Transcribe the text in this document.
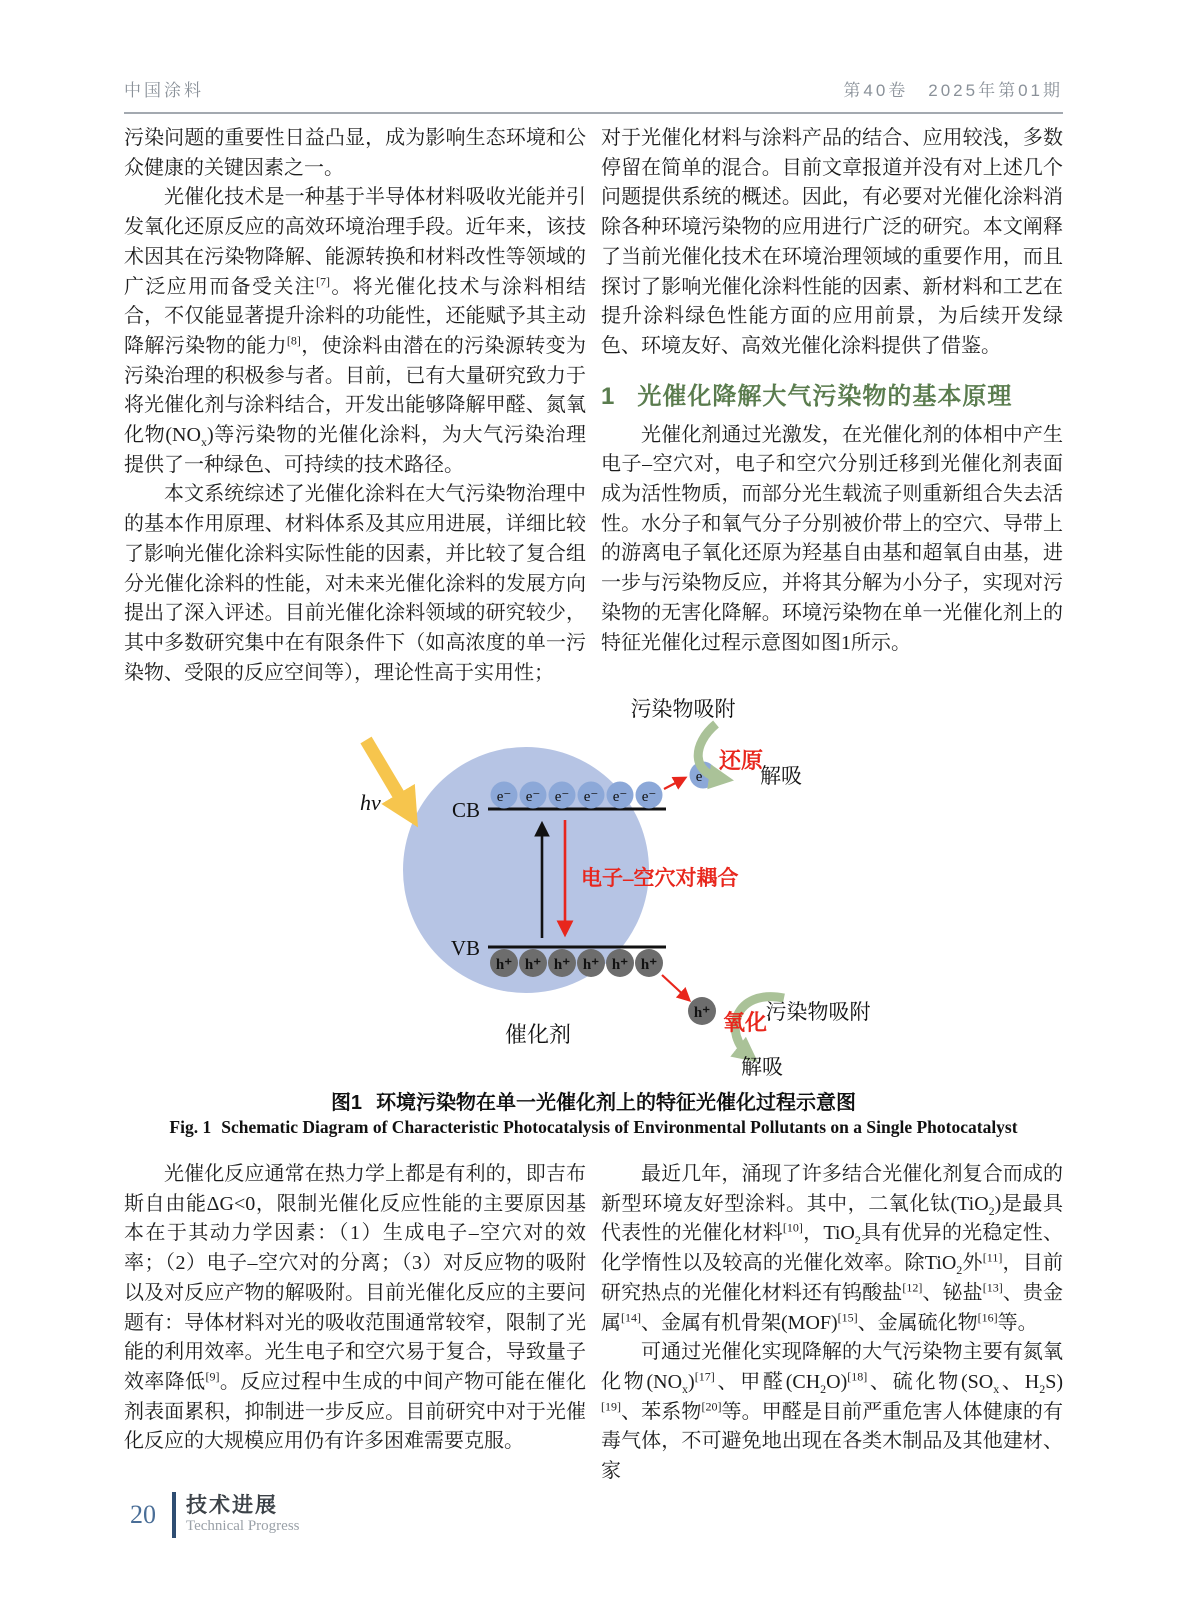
中国涂料	第40卷　2025年第01期

污染问题的重要性日益凸显，成为影响生态环境和公众健康的关键因素之一。

光催化技术是一种基于半导体材料吸收光能并引发氧化还原反应的高效环境治理手段。近年来，该技术因其在污染物降解、能源转换和材料改性等领域的广泛应用而备受关注[7]。将光催化技术与涂料相结合，不仅能显著提升涂料的功能性，还能赋予其主动降解污染物的能力[8]，使涂料由潜在的污染源转变为污染治理的积极参与者。目前，已有大量研究致力于将光催化剂与涂料结合，开发出能够降解甲醛、氮氧化物$(NO_x)$等污染物的光催化涂料，为大气污染治理提供了一种绿色、可持续的技术路径。

本文系统综述了光催化涂料在大气污染物治理中的基本作用原理、材料体系及其应用进展，详细比较了影响光催化涂料实际性能的因素，并比较了复合组分光催化涂料的性能，对未来光催化涂料的发展方向提出了深入评述。目前光催化涂料领域的研究较少，其中多数研究集中在有限条件下（如高浓度的单一污染物、受限的反应空间等），理论性高于实用性；

对于光催化材料与涂料产品的结合、应用较浅，多数停留在简单的混合。目前文章报道并没有对上述几个问题提供系统的概述。因此，有必要对光催化涂料消除各种环境污染物的应用进行广泛的研究。本文阐释了当前光催化技术在环境治理领域的重要作用，而且探讨了影响光催化涂料性能的因素、新材料和工艺在提升涂料绿色性能方面的应用前景，为后续开发绿色、环境友好、高效光催化涂料提供了借鉴。

1 光催化降解大气污染物的基本原理

光催化剂通过光激发，在光催化剂的体相中产生电子–空穴对，电子和空穴分别迁移到光催化剂表面成为活性物质，而部分光生载流子则重新组合失去活性。水分子和氧气分子分别被价带上的空穴、导带上的游离电子氧化还原为羟基自由基和超氧自由基，进一步与污染物反应，并将其分解为小分子，实现对污染物的无害化降解。环境污染物在单一光催化剂上的特征光催化过程示意图如图1所示。

hν	CB
e⁻ e⁻ e⁻ e⁻ e⁻ e⁻
电子–空穴对耦合
VB
h⁺ h⁺ h⁺ h⁺ h⁺ h⁺
e⁻
污染物吸附
还原
解吸
h⁺ 氧化
污染物吸附
解吸
催化剂
图1 环境污染物在单一光催化剂上的特征光催化过程示意图
Fig. 1 Schematic Diagram of Characteristic Photocatalysis of Environmental Pollutants on a Single Photocatalyst

光催化反应通常在热力学上都是有利的，即吉布斯自由能ΔG<0，限制光催化反应性能的主要原因基本在于其动力学因素：（1）生成电子–空穴对的效率；（2）电子–空穴对的分离；（3）对反应物的吸附以及对反应产物的解吸附。目前光催化反应的主要问题有：导体材料对光的吸收范围通常较窄，限制了光能的利用效率。光生电子和空穴易于复合，导致量子效率降低[9]。反应过程中生成的中间产物可能在催化剂表面累积，抑制进一步反应。目前研究中对于光催化反应的大规模应用仍有许多困难需要克服。

最近几年，涌现了许多结合光催化剂复合而成的新型环境友好型涂料。其中，二氧化钛(TiO$_2$)是最具代表性的光催化材料[10]，TiO$_2$具有优异的光稳定性、化学惰性以及较高的光催化效率。除TiO$_2$外[11]，目前研究热点的光催化材料还有钨酸盐[12]、铋盐[13]、贵金属[14]、金属有机骨架(MOF)[15]、金属硫化物[16]等。

可通过光催化实现降解的大气污染物主要有氮氧化物$(NO_x)[17]$、甲醛$(CH_2O)[18]$、硫化物($SO_x$、$H_2S)[19]$、苯系物[20]等。甲醛是目前严重危害人体健康的有毒气体，不可避免地出现在各类木制品及其他建材、家

20	技术进展
Technical Progress
